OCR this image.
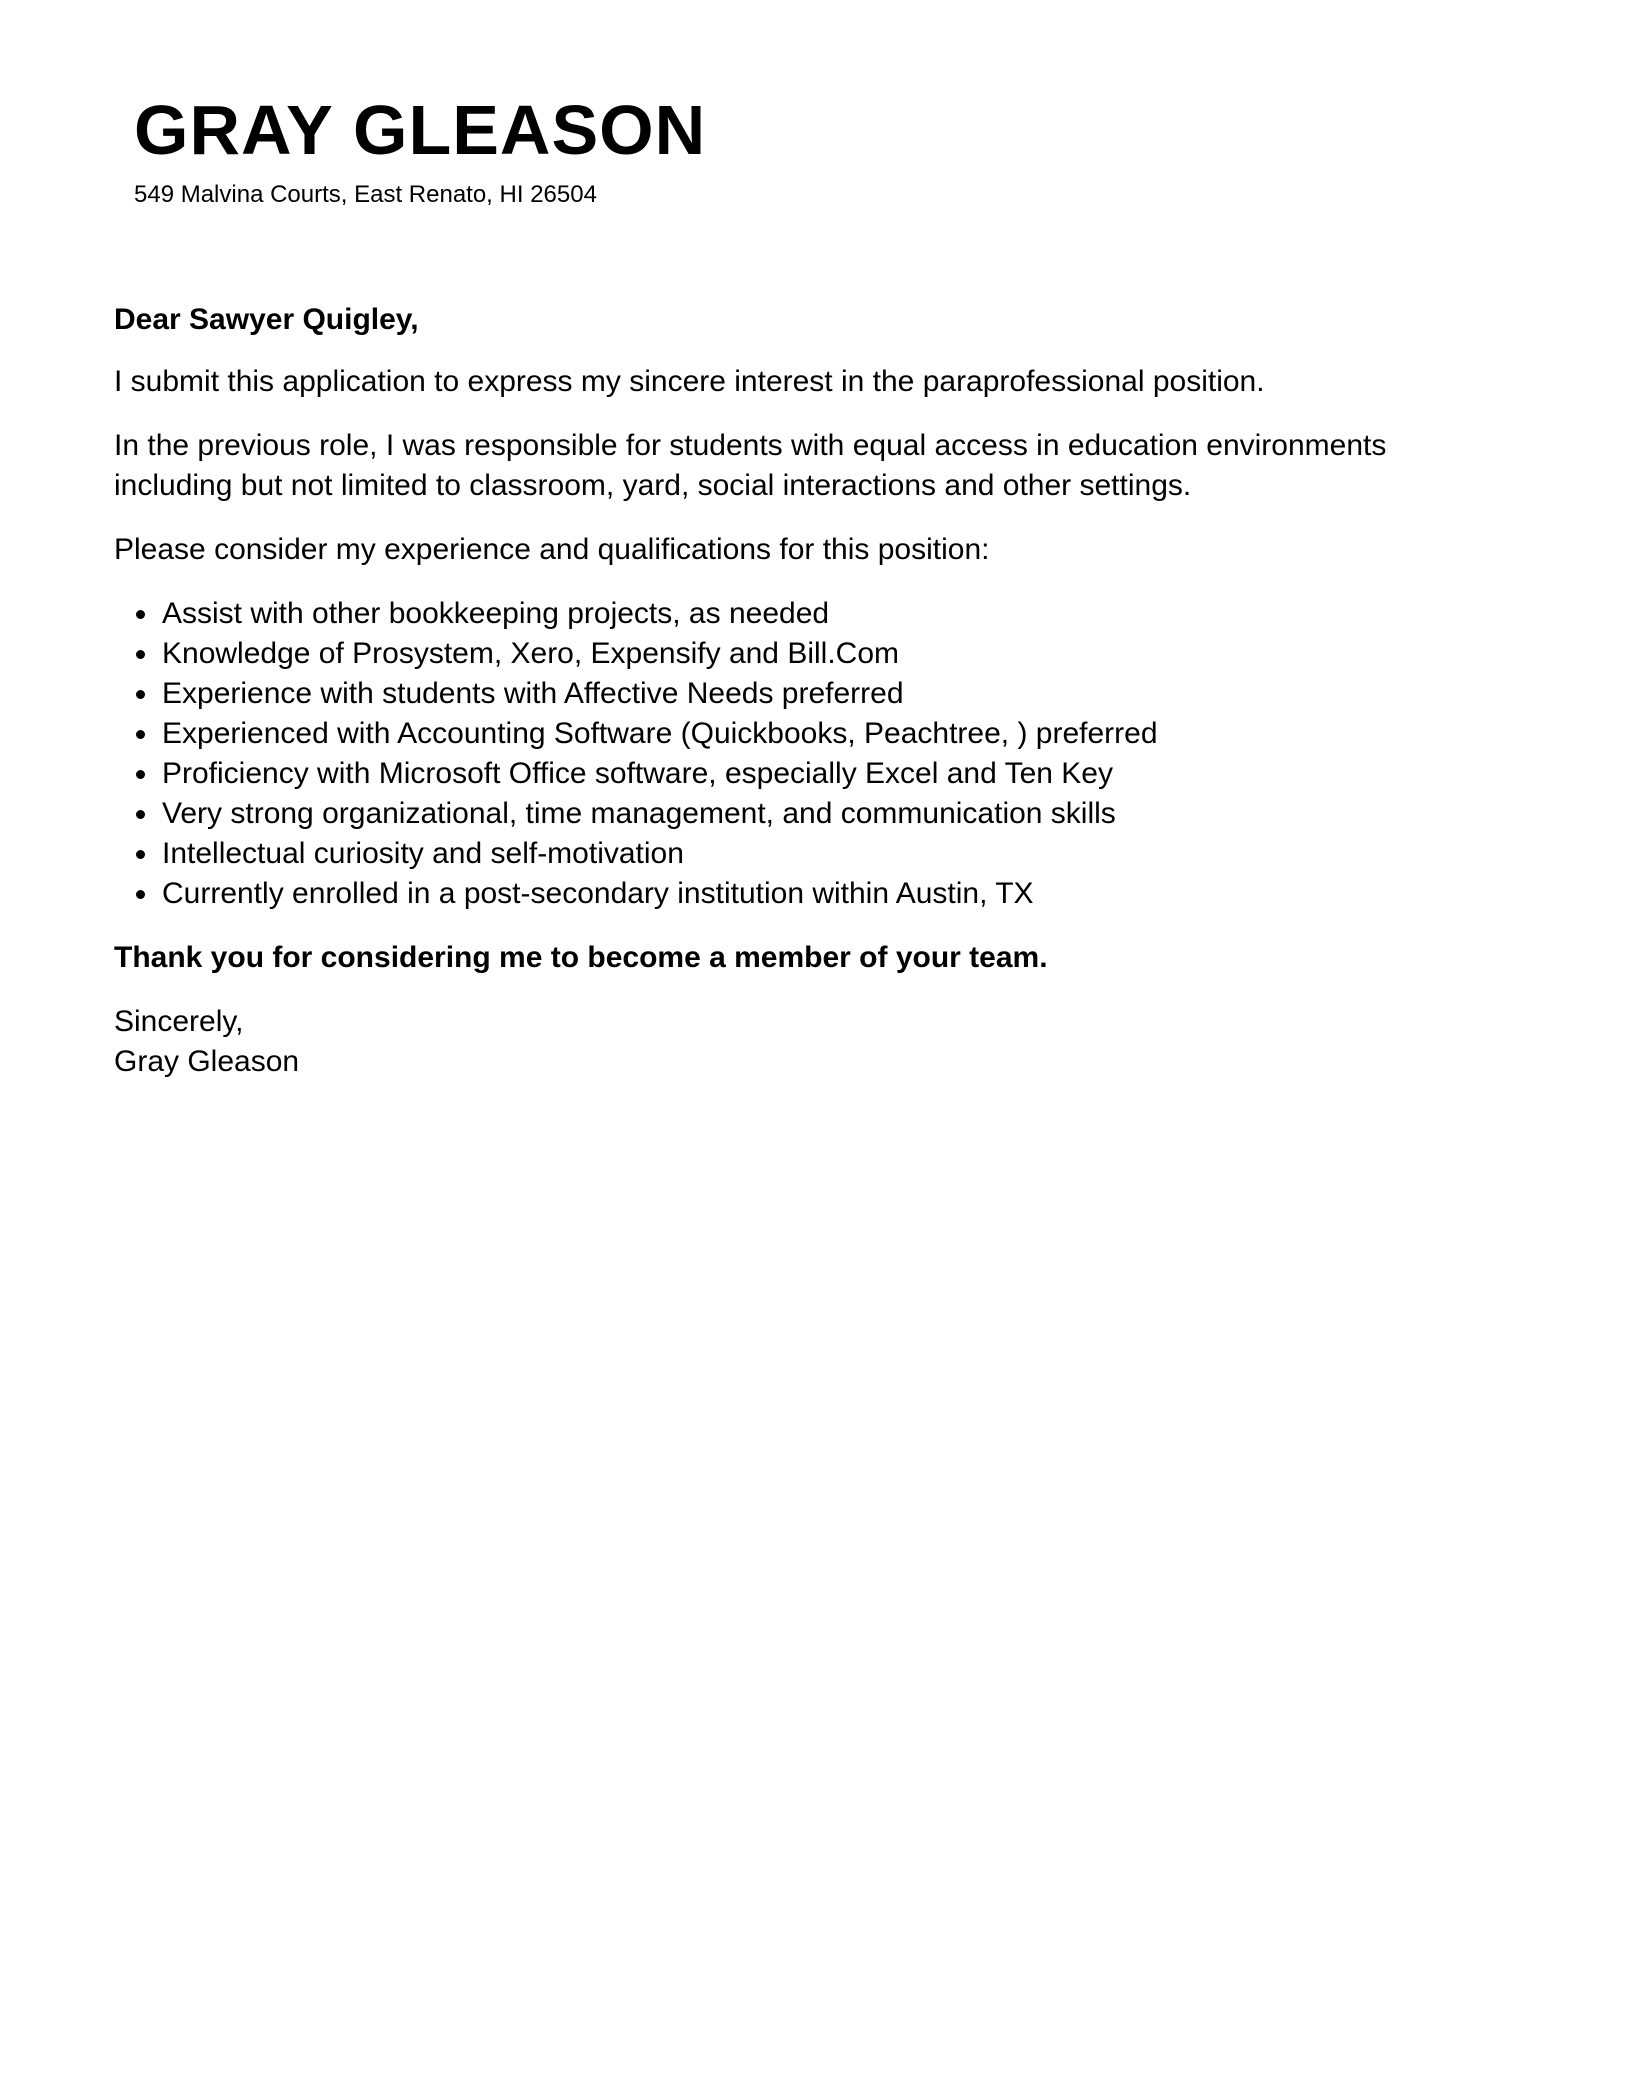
GRAY GLEASON
549 Malvina Courts, East Renato, HI 26504

Dear Sawyer Quigley,

I submit this application to express my sincere interest in the paraprofessional position.

In the previous role, I was responsible for students with equal access in education environments
including but not limited to classroom, yard, social interactions and other settings.

Please consider my experience and qualifications for this position:

Assist with other bookkeeping projects, as needed
Knowledge of Prosystem, Xero, Expensify and Bill.Com
Experience with students with Affective Needs preferred
Experienced with Accounting Software (Quickbooks, Peachtree, ) preferred
Proficiency with Microsoft Office software, especially Excel and Ten Key
Very strong organizational, time management, and communication skills
Intellectual curiosity and self-motivation
Currently enrolled in a post-secondary institution within Austin, TX

Thank you for considering me to become a member of your team.

Sincerely,
Gray Gleason
